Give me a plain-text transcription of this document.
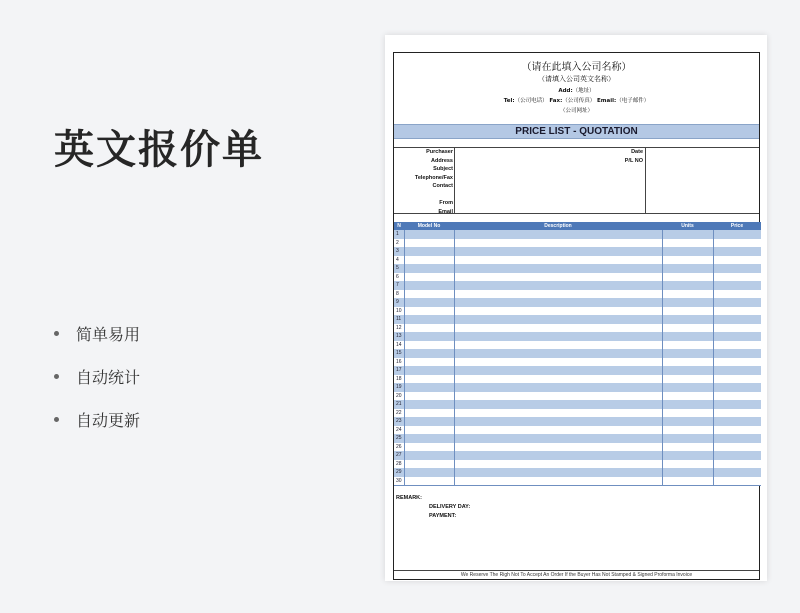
英文报价单
简单易用
自动统计
自动更新
（请在此填入公司名称）
（请填入公司英文名称）
Add:（地址）
Tel:（公司电话） Fax:（公司传真） Email:（电子邮件）
（公司网址）
PRICE LIST - QUOTATION
Purchaser
Address
Subject
Telephone/Fax
Contact
From
Email
Date
P/L NO
N	Model No	Description	Units	Price
1				
2				
3				
4				
5				
6				
7				
8				
9				
10				
11				
12				
13				
14				
15				
16				
17				
18				
19				
20				
21				
22				
23				
24				
25				
26				
27				
28				
29				
30				
REMARK:
DELIVERY DAY:
PAYMENT:
We Reserve The Righ Not To Accept An Order If the Buyer Has Not Stamped & Signed Proforma Invoice
